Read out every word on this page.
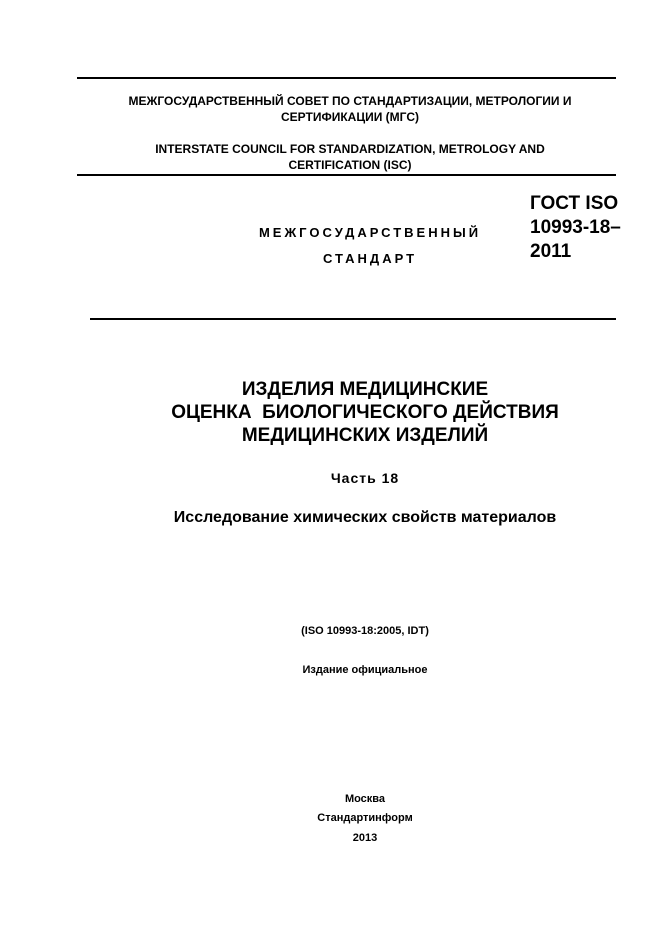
МЕЖГОСУДАРСТВЕННЫЙ СОВЕТ ПО СТАНДАРТИЗАЦИИ, МЕТРОЛОГИИ И
СЕРТИФИКАЦИИ (МГС)
INTERSTATE COUNCIL FOR STANDARDIZATION, METROLOGY AND
CERTIFICATION (ISC)
МЕЖГОСУДАРСТВЕННЫЙ
СТАНДАРТ
ГОСТ ISO
10993-18–
2011
ИЗДЕЛИЯ МЕДИЦИНСКИЕ
ОЦЕНКА  БИОЛОГИЧЕСКОГО ДЕЙСТВИЯ
МЕДИЦИНСКИХ ИЗДЕЛИЙ
Часть 18
Исследование химических свойств материалов
(ISO 10993-18:2005, IDT)
Издание официальное
Москва
Стандартинформ
2013
